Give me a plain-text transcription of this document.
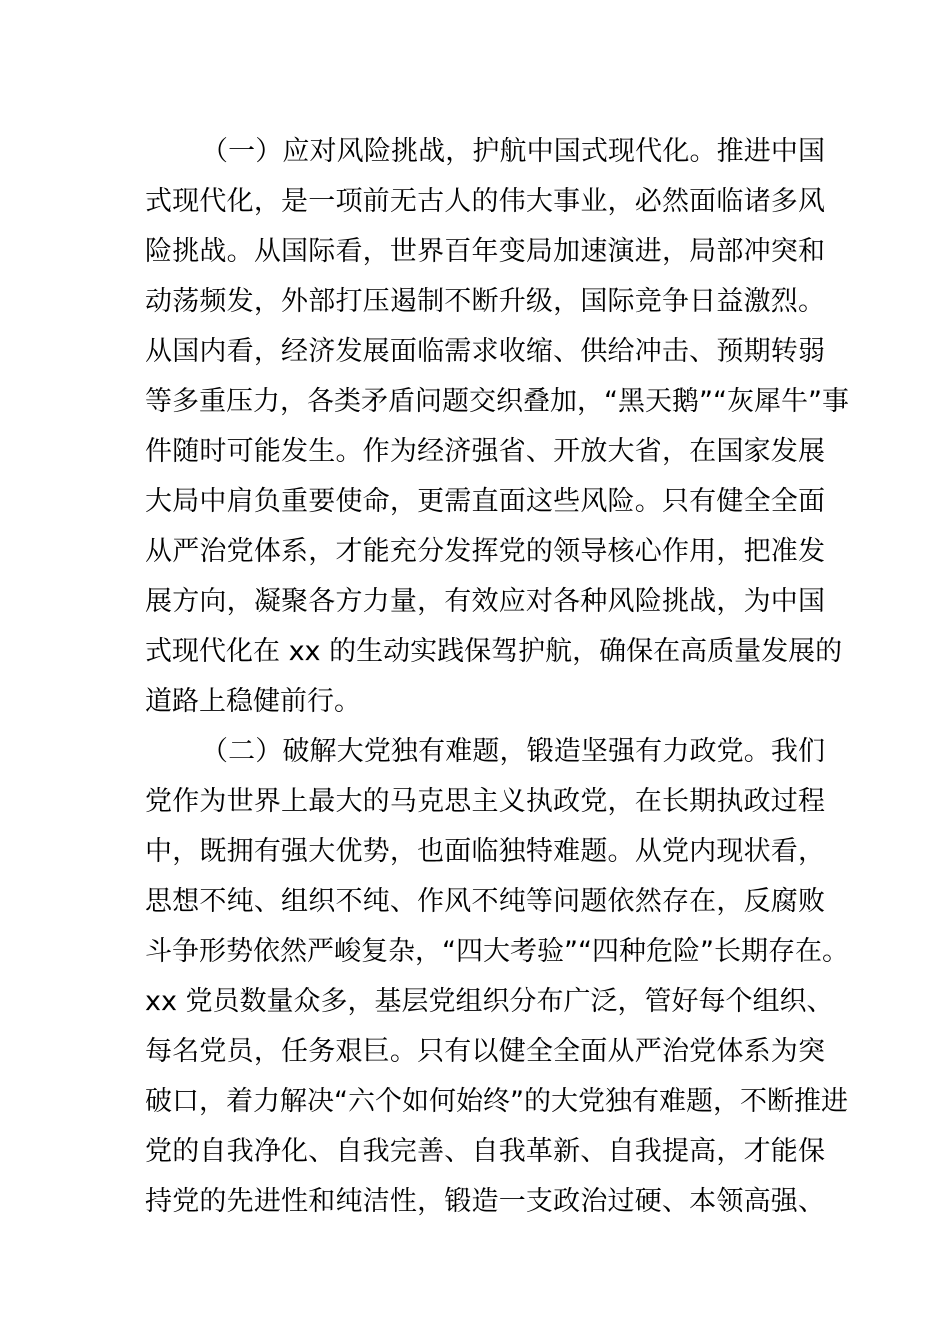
（一）应对风险挑战，护航中国式现代化。推进中国
式现代化，是一项前无古人的伟大事业，必然面临诸多风
险挑战。从国际看，世界百年变局加速演进，局部冲突和
动荡频发，外部打压遏制不断升级，国际竞争日益激烈。
从国内看，经济发展面临需求收缩、供给冲击、预期转弱
等多重压力，各类矛盾问题交织叠加，“黑天鹅”“灰犀牛”事
件随时可能发生。作为经济强省、开放大省，在国家发展
大局中肩负重要使命，更需直面这些风险。只有健全全面
从严治党体系，才能充分发挥党的领导核心作用，把准发
展方向，凝聚各方力量，有效应对各种风险挑战，为中国
式现代化在 xx 的生动实践保驾护航，确保在高质量发展的
道路上稳健前行。
（二）破解大党独有难题，锻造坚强有力政党。我们
党作为世界上最大的马克思主义执政党，在长期执政过程
中，既拥有强大优势，也面临独特难题。从党内现状看，
思想不纯、组织不纯、作风不纯等问题依然存在，反腐败
斗争形势依然严峻复杂，“四大考验”“四种危险”长期存在。
xx 党员数量众多，基层党组织分布广泛，管好每个组织、
每名党员，任务艰巨。只有以健全全面从严治党体系为突
破口，着力解决“六个如何始终”的大党独有难题，不断推进
党的自我净化、自我完善、自我革新、自我提高，才能保
持党的先进性和纯洁性，锻造一支政治过硬、本领高强、
